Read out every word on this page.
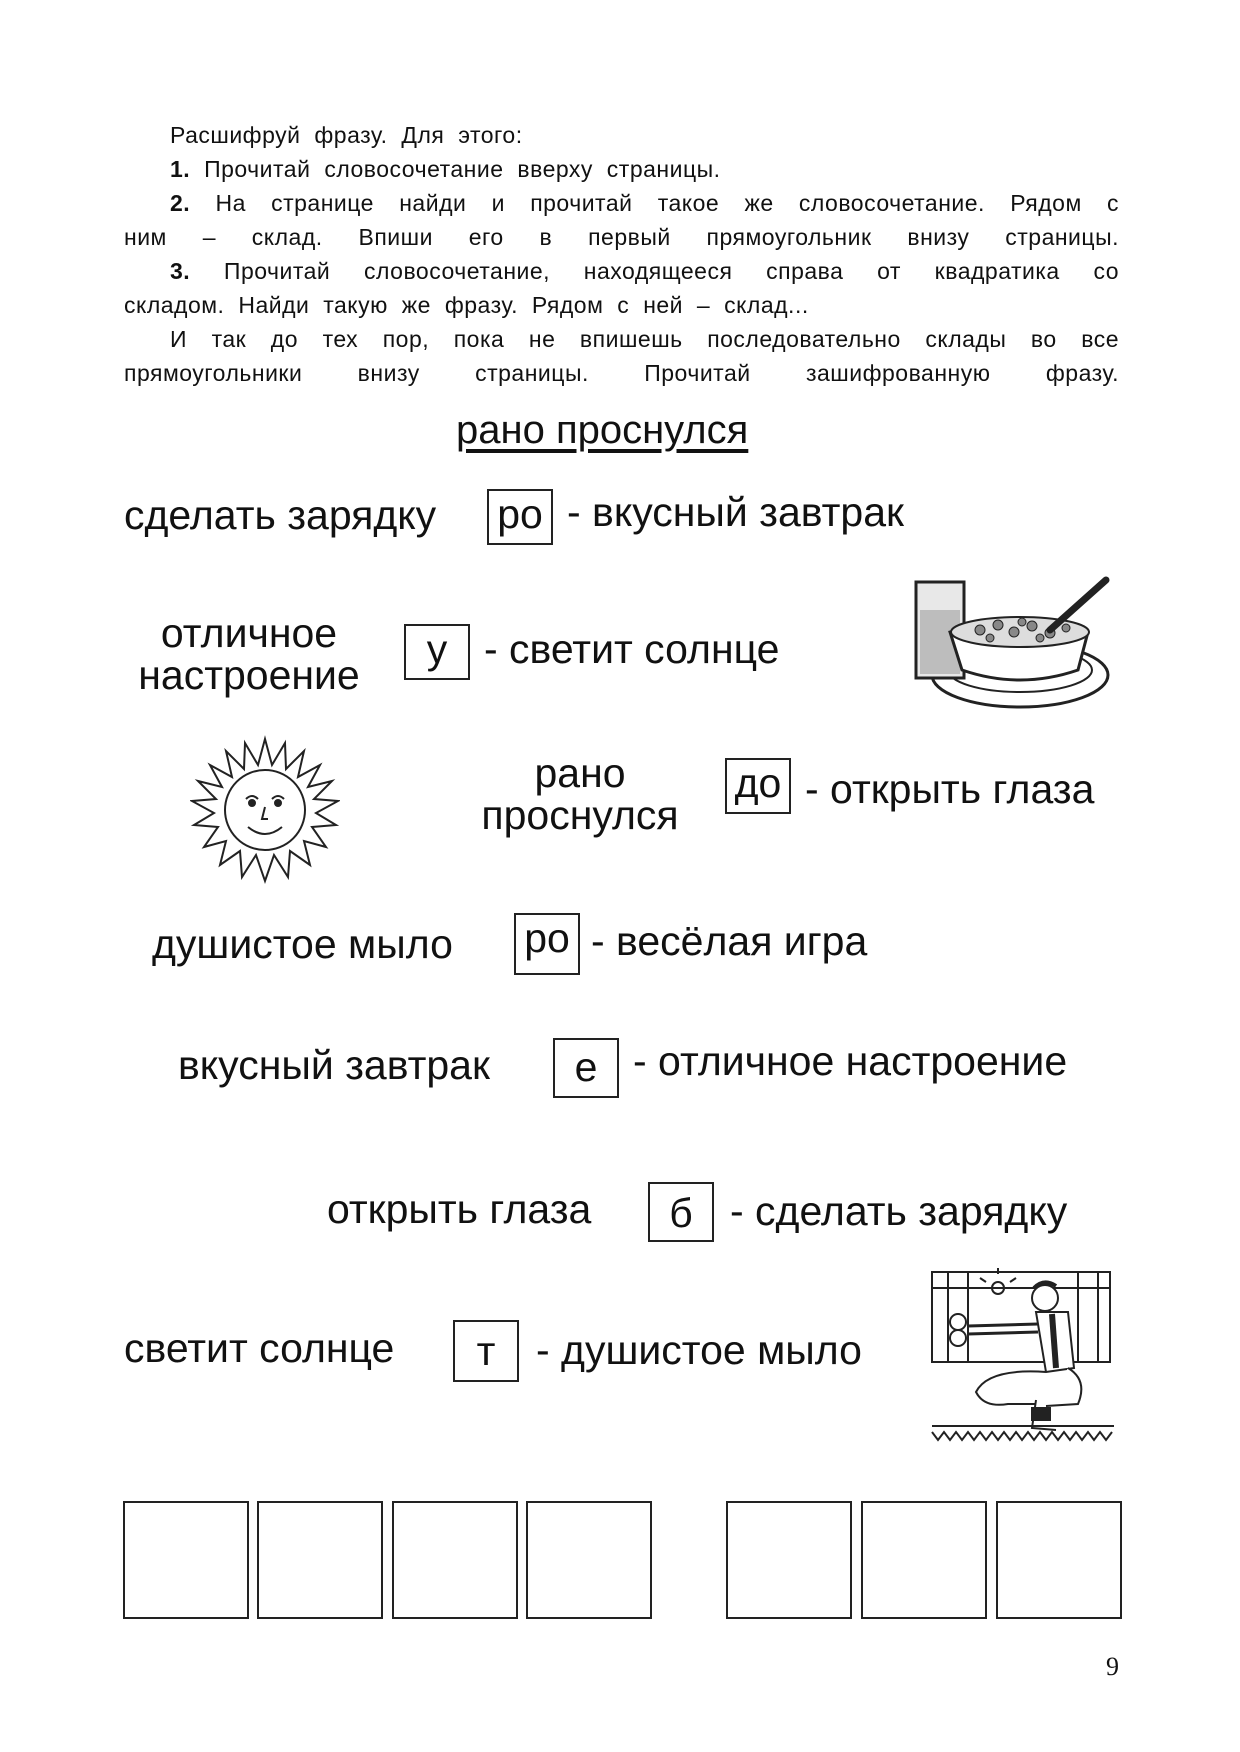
Расшифруй фразу. Для этого:
1. Прочитай словосочетание вверху страницы.
2. На странице найди и прочитай такое же словосочетание. Рядом с
ним – склад. Впиши его в первый прямоугольник внизу страницы.
3. Прочитай словосочетание, находящееся справа от квадратика со
складом. Найди такую же фразу. Рядом с ней – склад...
И так до тех пор, пока не впишешь последовательно склады во все
прямоугольники внизу страницы. Прочитай зашифрованную фразу.
рано проснулся
сделать зарядку ро - вкусный завтрак
отличное
настроение
у - светит солнце
рано
проснулся
до - открыть глаза
душистое мыло ро - весёлая игра
вкусный завтрак	е - отличное настроение
открыть глаза	б - сделать зарядку
светит солнце	т - душистое мыло
9
